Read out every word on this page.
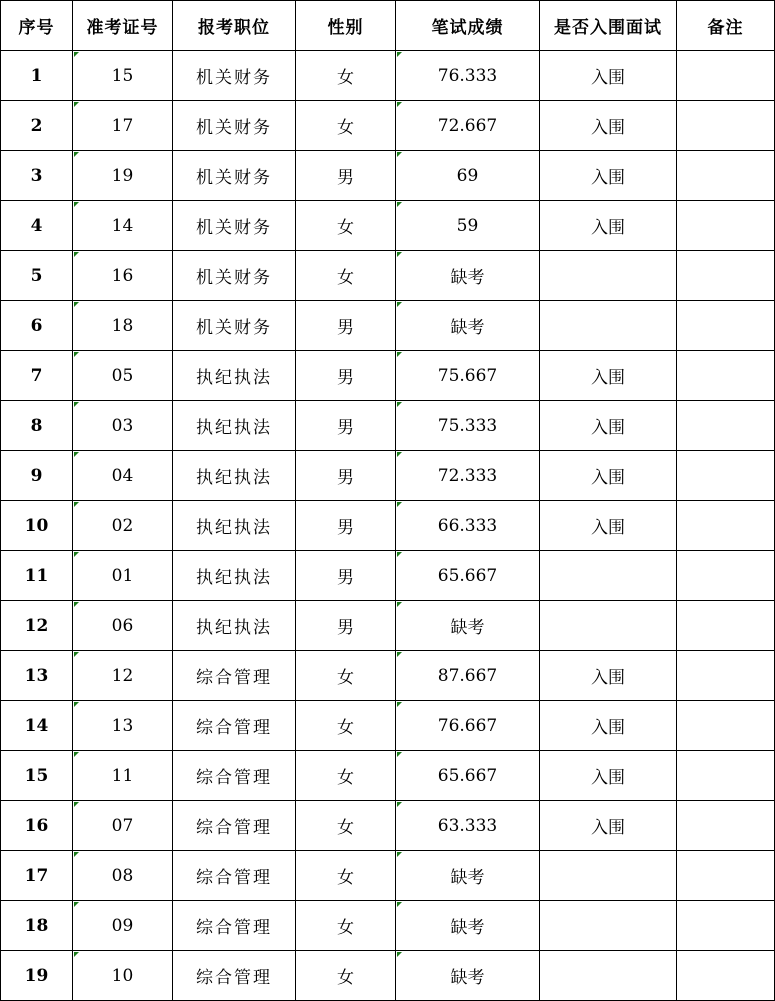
序号	准考证号	报考职位	性别	笔试成绩	是否入围面试	备注
1	15	机关财务	女	76.333	入围	
2	17	机关财务	女	72.667	入围	
3	19	机关财务	男	69	入围	
4	14	机关财务	女	59	入围	
5	16	机关财务	女	缺考		
6	18	机关财务	男	缺考		
7	05	执纪执法	男	75.667	入围	
8	03	执纪执法	男	75.333	入围	
9	04	执纪执法	男	72.333	入围	
10	02	执纪执法	男	66.333	入围	
11	01	执纪执法	男	65.667		
12	06	执纪执法	男	缺考		
13	12	综合管理	女	87.667	入围	
14	13	综合管理	女	76.667	入围	
15	11	综合管理	女	65.667	入围	
16	07	综合管理	女	63.333	入围	
17	08	综合管理	女	缺考		
18	09	综合管理	女	缺考		
19	10	综合管理	女	缺考		
